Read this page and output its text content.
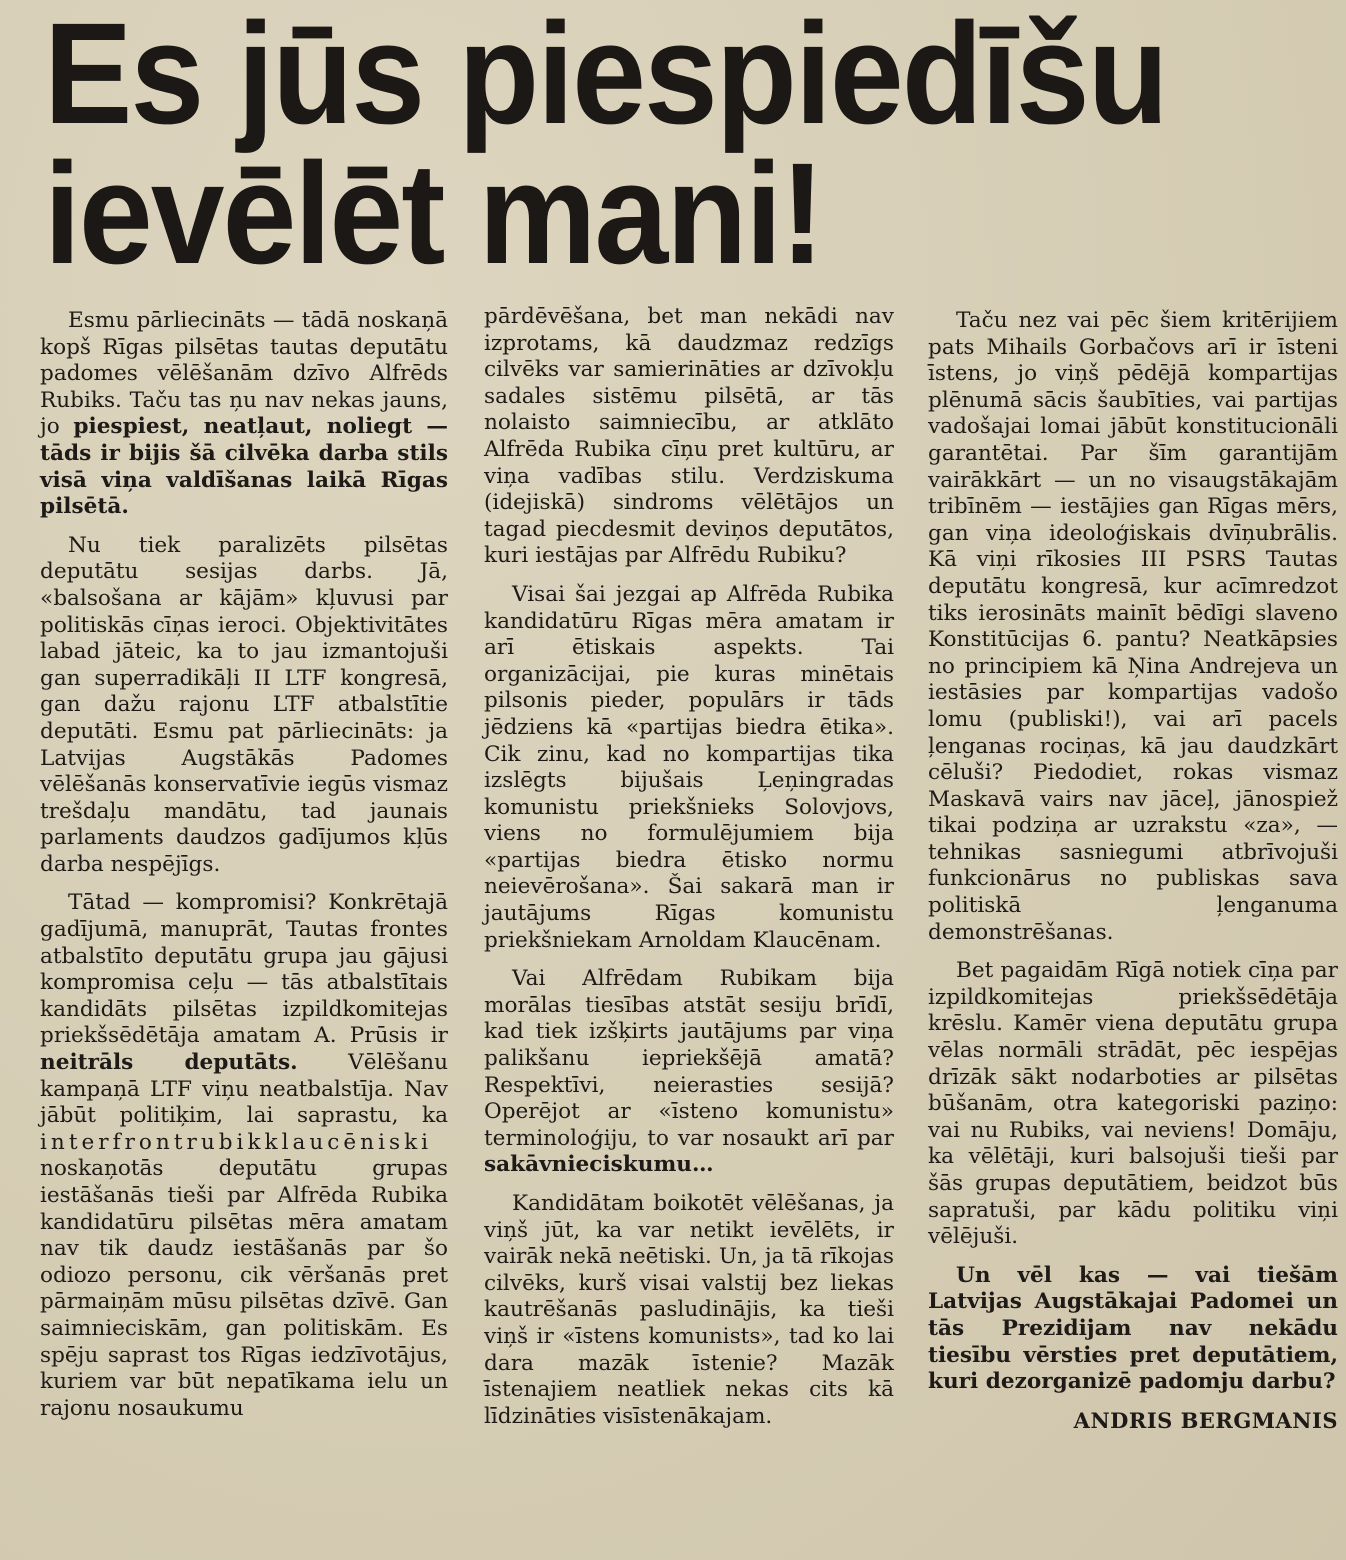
Es jūs piespiedīšu
ievēlēt mani!

Esmu pārliecināts — tādā noskaņā kopš Rīgas pilsētas tautas deputātu padomes vēlēšanām dzīvo Alfrēds Rubiks. Taču tas ņu nav nekas jauns, jo piespiest, neatļaut, noliegt — tāds ir bijis šā cilvēka darba stils visā viņa valdīšanas laikā Rīgas pilsētā.

Nu tiek paralizēts pilsētas deputātu sesijas darbs. Jā, «balsošana ar kājām» kļuvusi par politiskās cīņas ieroci. Objektivitātes labad jāteic, ka to jau izmantojuši gan superradikāļi II LTF kongresā, gan dažu rajonu LTF atbalstītie deputāti. Esmu pat pārliecināts: ja Latvijas Augstākās Padomes vēlēšanās konservatīvie iegūs vismaz trešdaļu mandātu, tad jaunais parlaments daudzos gadījumos kļūs darba nespējīgs.

Tātad — kompromisi? Konkrētajā gadījumā, manuprāt, Tautas frontes atbalstīto deputātu grupa jau gājusi kompromisa ceļu — tās atbalstītais kandidāts pilsētas izpildkomitejas priekšsēdētāja amatam A. Prūsis ir neitrāls deputāts. Vēlēšanu kampaņā LTF viņu neatbalstīja. Nav jābūt politiķim, lai saprastu, ka interfrontrubikklaucēniski noskaņotās deputātu grupas iestāšanās tieši par Alfrēda Rubika kandidatūru pilsētas mēra amatam nav tik daudz iestāšanās par šo odiozo personu, cik vēršanās pret pārmaiņām mūsu pilsētas dzīvē. Gan saimnieciskām, gan politiskām. Es spēju saprast tos Rīgas iedzīvotājus, kuriem var būt nepatīkama ielu un rajonu nosaukumu

pārdēvēšana, bet man nekādi nav izprotams, kā daudzmaz redzīgs cilvēks var samierināties ar dzīvokļu sadales sistēmu pilsētā, ar tās nolaisto saimniecību, ar atklāto Alfrēda Rubika cīņu pret kultūru, ar viņa vadības stilu. Verdziskuma (idejiskā) sindroms vēlētājos un tagad piecdesmit deviņos deputātos, kuri iestājas par Alfrēdu Rubiku?

Visai šai jezgai ap Alfrēda Rubika kandidatūru Rīgas mēra amatam ir arī ētiskais aspekts. Tai organizācijai, pie kuras minētais pilsonis pieder, populārs ir tāds jēdziens kā «partijas biedra ētika». Cik zinu, kad no kompartijas tika izslēgts bijušais Ļeņingradas komunistu priekšnieks Solovjovs, viens no formulējumiem bija «partijas biedra ētisko normu neievērošana». Šai sakarā man ir jautājums Rīgas komunistu priekšniekam Arnoldam Klaucēnam.

Vai Alfrēdam Rubikam bija morālas tiesības atstāt sesiju brīdī, kad tiek izšķirts jautājums par viņa palikšanu iepriekšējā amatā? Respektīvi, neierasties sesijā? Operējot ar «īsteno komunistu» terminoloģiju, to var nosaukt arī par sakāvnieciskumu…

Kandidātam boikotēt vēlēšanas, ja viņš jūt, ka var netikt ievēlēts, ir vairāk nekā neētiski. Un, ja tā rīkojas cilvēks, kurš visai valstij bez liekas kautrēšanās pasludinājis, ka tieši viņš ir «īstens komunists», tad ko lai dara mazāk īstenie? Mazāk īstenajiem neatliek nekas cits kā līdzināties visīstenākajam.

Taču nez vai pēc šiem kritērijiem pats Mihails Gorbačovs arī ir īsteni īstens, jo viņš pēdējā kompartijas plēnumā sācis šaubīties, vai partijas vadošajai lomai jābūt konstitucionāli garantētai. Par šīm garantijām vairākkārt — un no visaugstākajām tribīnēm — iestājies gan Rīgas mērs, gan viņa ideoloģiskais dvīņubrālis. Kā viņi rīkosies III PSRS Tautas deputātu kongresā, kur acīmredzot tiks ierosināts mainīt bēdīgi slaveno Konstitūcijas 6. pantu? Neatkāpsies no principiem kā Ņina Andrejeva un iestāsies par kompartijas vadošo lomu (publiski!), vai arī pacels ļenganas rociņas, kā jau daudzkārt cēluši? Piedodiet, rokas vismaz Maskavā vairs nav jāceļ, jānospiež tikai podziņa ar uzrakstu «za», — tehnikas sasniegumi atbrīvojuši funkcionārus no publiskas sava politiskā ļenganuma demonstrēšanas.

Bet pagaidām Rīgā notiek cīņa par izpildkomitejas priekšsēdētāja krēslu. Kamēr viena deputātu grupa vēlas normāli strādāt, pēc iespējas drīzāk sākt nodarboties ar pilsētas būšanām, otra kategoriski paziņo: vai nu Rubiks, vai neviens! Domāju, ka vēlētāji, kuri balsojuši tieši par šās grupas deputātiem, beidzot būs sapratuši, par kādu politiku viņi vēlējuši.

Un vēl kas — vai tiešām Latvijas Augstākajai Padomei un tās Prezidijam nav nekādu tiesību vērsties pret deputātiem, kuri dezorganizē padomju darbu?

ANDRIS BERGMANIS
